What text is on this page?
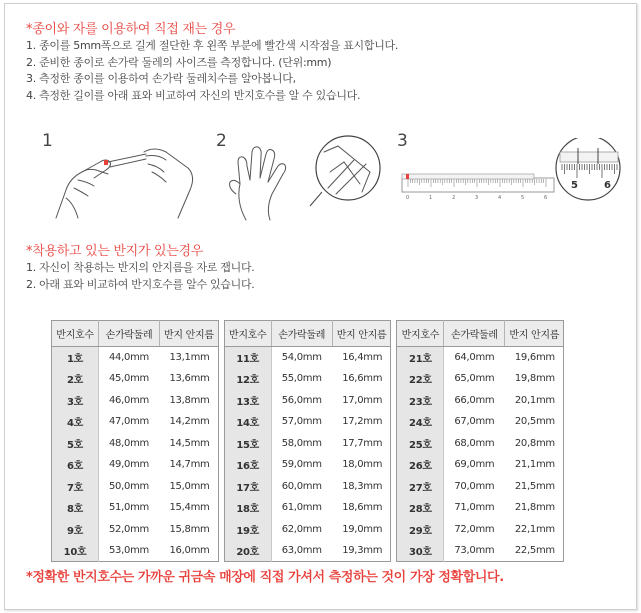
*종이와 자를 이용하여 직접 재는 경우
1. 종이를 5mm폭으로 길게 절단한 후 왼쪽 부분에 빨간색 시작점을 표시합니다.
2. 준비한 종이로 손가락 둘레의 사이즈를 측정합니다. (단위:mm)
3. 측정한 종이를 이용하여 손가락 둘레치수를 알아봅니다,
4. 측정한 길이를 아래 표와 비교하여 자신의 반지호수를 알 수 있습니다.
1	2	3
0	1	2	3	4	5	6
5	6
*착용하고 있는 반지가 있는경우
1. 자신이 착용하는 반지의 안지름을 자로 잽니다.
2. 아래 표와 비교하여 반지호수를 알수 있습니다.
반지호수	손가락둘레	반지 안지름
1호	44,0mm	13,1mm
2호	45,0mm	13,6mm
3호	46,0mm	13,8mm
4호	47,0mm	14,2mm
5호	48,0mm	14,5mm
6호	49,0mm	14,7mm
7호	50,0mm	15,0mm
8호	51,0mm	15,4mm
9호	52,0mm	15,8mm
10호	53,0mm	16,0mm
반지호수	손가락둘레	반지 안지름
11호	54,0mm	16,4mm
12호	55,0mm	16,6mm
13호	56,0mm	17,0mm
14호	57,0mm	17,2mm
15호	58,0mm	17,7mm
16호	59,0mm	18,0mm
17호	60,0mm	18,3mm
18호	61,0mm	18,6mm
19호	62,0mm	19,0mm
20호	63,0mm	19,3mm
반지호수	손가락둘레	반지 안지름
21호	64,0mm	19,6mm
22호	65,0mm	19,8mm
23호	66,0mm	20,1mm
24호	67,0mm	20,5mm
25호	68,0mm	20,8mm
26호	69,0mm	21,1mm
27호	70,0mm	21,5mm
28호	71,0mm	21,8mm
29호	72,0mm	22,1mm
30호	73,0mm	22,5mm
*정확한 반지호수는 가까운 귀금속 매장에 직접 가셔서 측정하는 것이 가장 정확합니다.
